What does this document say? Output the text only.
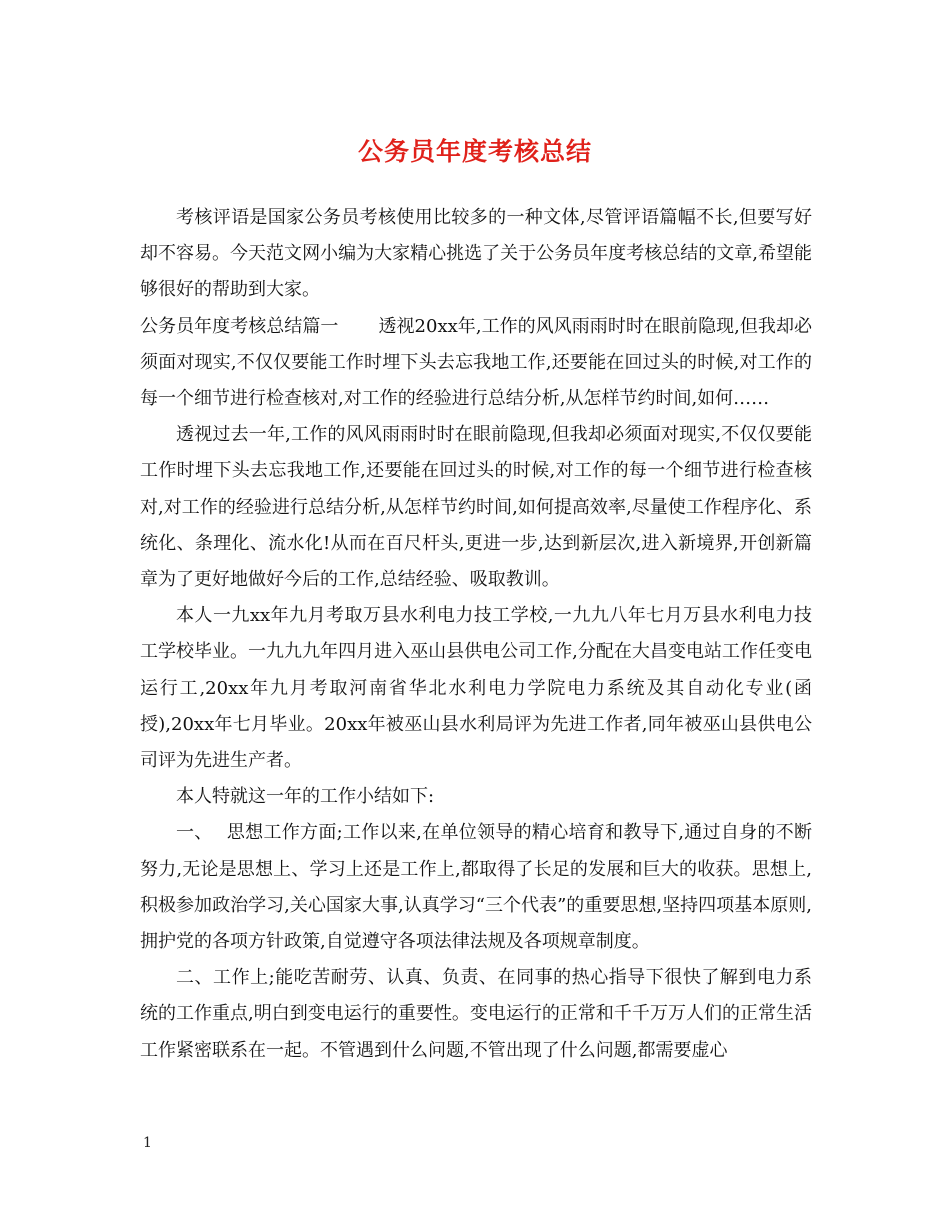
公务员年度考核总结

考核评语是国家公务员考核使用比较多的一种文体,尽管评语篇幅不长,但要写好却不容易。今天范文网小编为大家精心挑选了关于公务员年度考核总结的文章,希望能够很好的帮助到大家。

公务员年度考核总结篇一 透视20xx年,工作的风风雨雨时时在眼前隐现,但我却必须面对现实,不仅仅要能工作时埋下头去忘我地工作,还要能在回过头的时候,对工作的每一个细节进行检查核对,对工作的经验进行总结分析,从怎样节约时间,如何……

透视过去一年,工作的风风雨雨时时在眼前隐现,但我却必须面对现实,不仅仅要能工作时埋下头去忘我地工作,还要能在回过头的时候,对工作的每一个细节进行检查核对,对工作的经验进行总结分析,从怎样节约时间,如何提高效率,尽量使工作程序化、系统化、条理化、流水化!从而在百尺杆头,更进一步,达到新层次,进入新境界,开创新篇章为了更好地做好今后的工作,总结经验、吸取教训。

本人一九xx年九月考取万县水利电力技工学校,一九九八年七月万县水利电力技工学校毕业。一九九九年四月进入巫山县供电公司工作,分配在大昌变电站工作任变电运行工,20xx年九月考取河南省华北水利电力学院电力系统及其自动化专业(函授),20xx年七月毕业。20xx年被巫山县水利局评为先进工作者,同年被巫山县供电公司评为先进生产者。

本人特就这一年的工作小结如下:

一、 思想工作方面;工作以来,在单位领导的精心培育和教导下,通过自身的不断努力,无论是思想上、学习上还是工作上,都取得了长足的发展和巨大的收获。思想上,积极参加政治学习,关心国家大事,认真学习“三个代表”的重要思想,坚持四项基本原则,拥护党的各项方针政策,自觉遵守各项法律法规及各项规章制度。

二、工作上;能吃苦耐劳、认真、负责、在同事的热心指导下很快了解到电力系统的工作重点,明白到变电运行的重要性。变电运行的正常和千千万万人们的正常生活工作紧密联系在一起。不管遇到什么问题,不管出现了什么问题,都需要虚心

1
